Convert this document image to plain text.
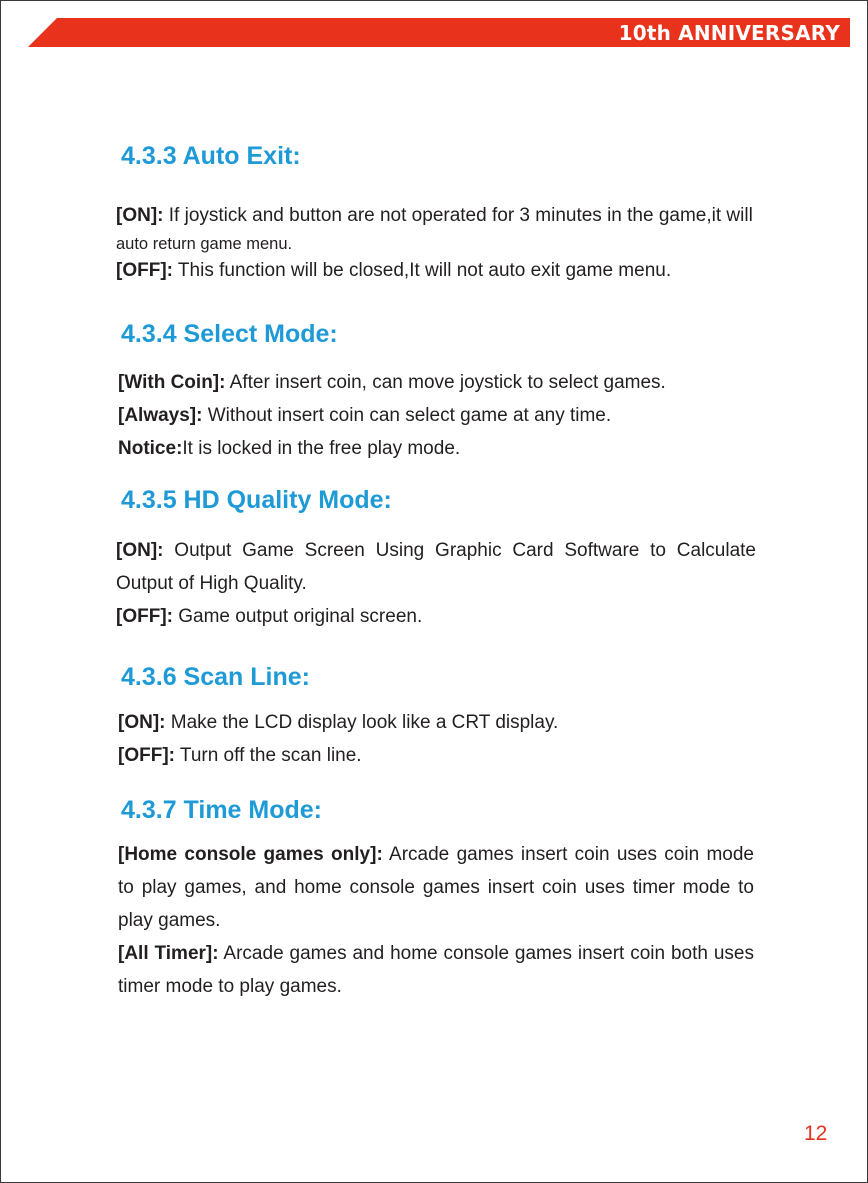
10th ANNIVERSARY
4.3.3 Auto Exit:

[ON]: If joystick and button are not operated for 3 minutes in the game,it will auto return game menu.

[OFF]: This function will be closed,It will not auto exit game menu.

4.3.4 Select Mode:

[With Coin]: After insert coin, can move joystick to select games.

[Always]: Without insert coin can select game at any time.

Notice:It is locked in the free play mode.

4.3.5 HD Quality Mode:

[ON]: Output Game Screen Using Graphic Card Software to Calculate Output of High Quality.

[OFF]: Game output original screen.

4.3.6 Scan Line:

[ON]: Make the LCD display look like a CRT display.

[OFF]: Turn off the scan line.

4.3.7 Time Mode:

[Home console games only]: Arcade games insert coin uses coin mode to play games, and home console games insert coin uses timer mode to play games.

[All Timer]: Arcade games and home console games insert coin both uses timer mode to play games.

12
